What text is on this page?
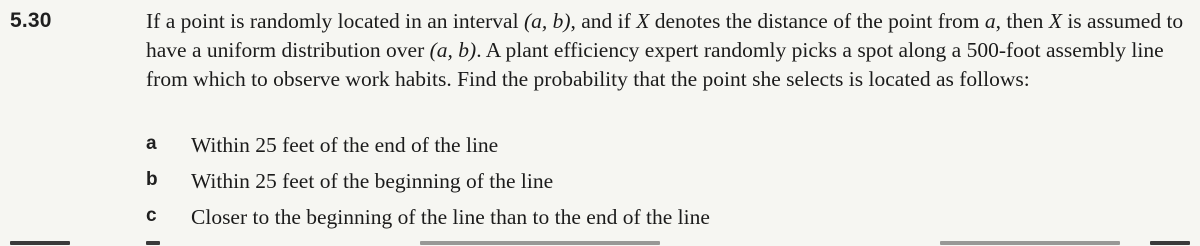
5.30	If a point is randomly located in an interval (a, b), and if X denotes the distance of the point from a, then X is assumed to have a uniform distribution over (a, b). A plant efficiency expert randomly picks a spot along a 500-foot assembly line from which to observe work habits. Find the probability that the point she selects is located as follows:

a	Within 25 feet of the end of the line
b	Within 25 feet of the beginning of the line
c	Closer to the beginning of the line than to the end of the line
